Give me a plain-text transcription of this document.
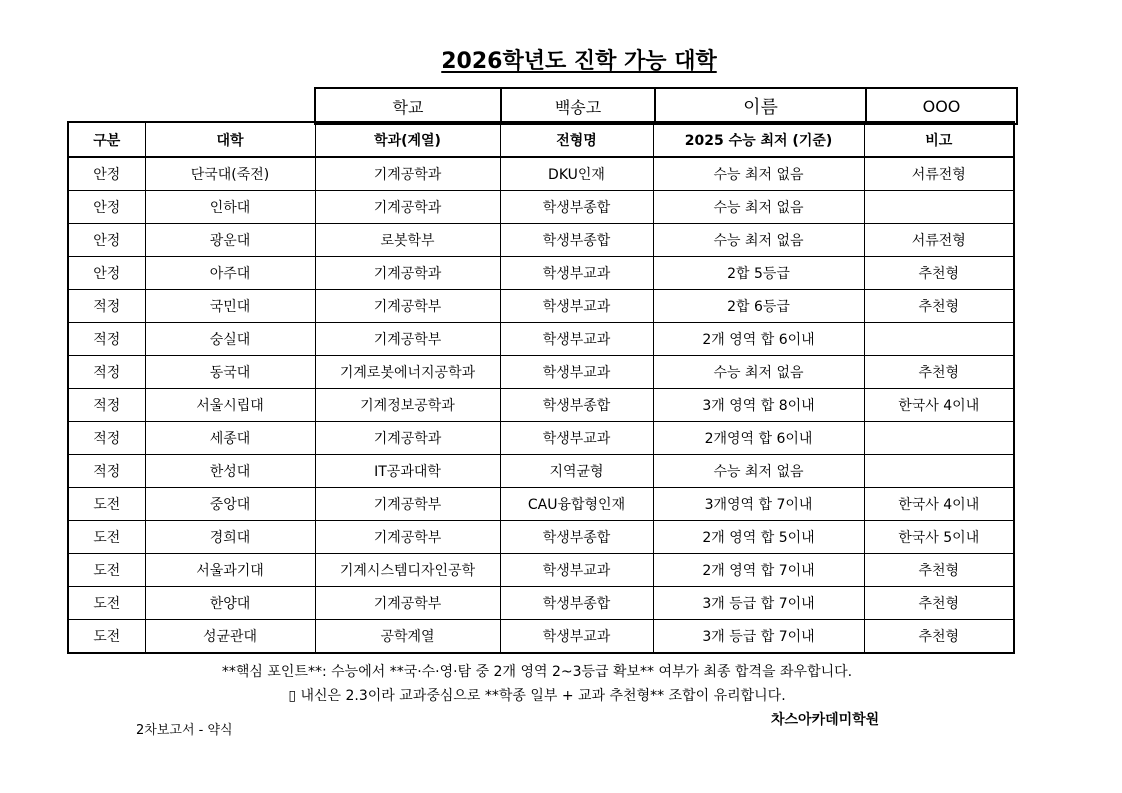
2026학년도 진학 가능 대학
학교	백송고	이름	OOO
구분	대학	학과(계열)	전형명	2025 수능 최저 (기준)	비고
안정	단국대(죽전)	기계공학과	DKU인재	수능 최저 없음	서류전형
안정	인하대	기계공학과	학생부종합	수능 최저 없음	
안정	광운대	로봇학부	학생부종합	수능 최저 없음	서류전형
안정	아주대	기계공학과	학생부교과	2합 5등급	추천형
적정	국민대	기계공학부	학생부교과	2합 6등급	추천형
적정	숭실대	기계공학부	학생부교과	2개 영역 합 6이내	
적정	동국대	기계로봇에너지공학과	학생부교과	수능 최저 없음	추천형
적정	서울시립대	기계정보공학과	학생부종합	3개 영역 합 8이내	한국사 4이내
적정	세종대	기계공학과	학생부교과	2개영역 합 6이내	
적정	한성대	IT공과대학	지역균형	수능 최저 없음	
도전	중앙대	기계공학부	CAU융합형인재	3개영역 합 7이내	한국사 4이내
도전	경희대	기계공학부	학생부종합	2개 영역 합 5이내	한국사 5이내
도전	서울과기대	기계시스템디자인공학	학생부교과	2개 영역 합 7이내	추천형
도전	한양대	기계공학부	학생부종합	3개 등급 합 7이내	추천형
도전	성균관대	공학계열	학생부교과	3개 등급 합 7이내	추천형
**핵심 포인트**: 수능에서 **국·수·영·탐 중 2개 영역 2~3등급 확보** 여부가 최종 합격을 좌우합니다.
▯ 내신은 2.3이라 교과중심으로 **학종 일부 + 교과 추천형** 조합이 유리합니다.
2차보고서 - 약식
차스아카데미학원
